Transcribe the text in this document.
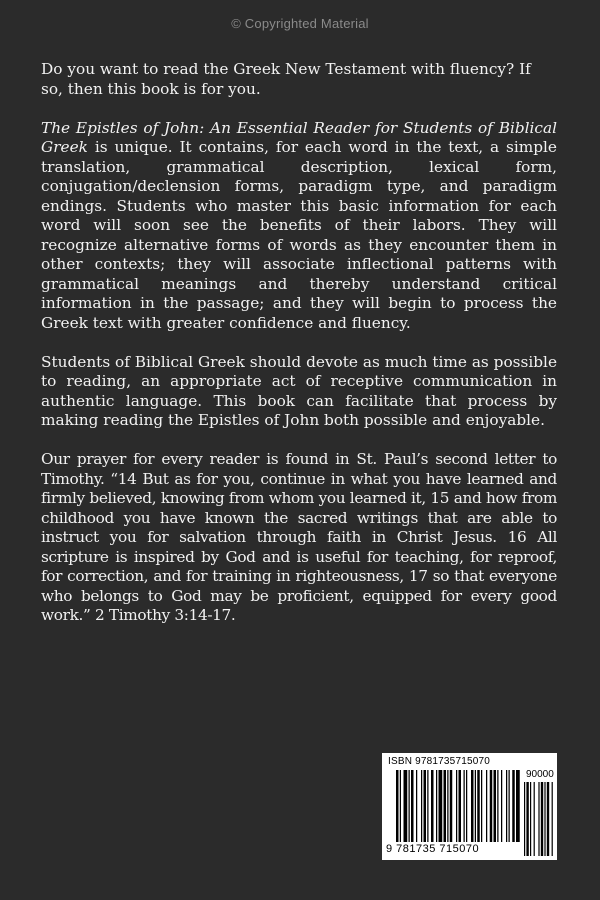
© Copyrighted Material

Do you want to read the Greek New Testament with fluency? If so, then this book is for you.

The Epistles of John: An Essential Reader for Students of Biblical Greek is unique. It contains, for each word in the text, a simple translation, grammatical description, lexical form, conjugation/declension forms, paradigm type, and paradigm endings. Students who master this basic information for each word will soon see the benefits of their labors. They will recognize alternative forms of words as they encounter them in other contexts; they will associate inflectional patterns with grammatical meanings and thereby understand critical information in the passage; and they will begin to process the Greek text with greater confidence and fluency.

Students of Biblical Greek should devote as much time as possible to reading, an appropriate act of receptive communication in authentic language. This book can facilitate that process by making reading the Epistles of John both possible and enjoyable.

Our prayer for every reader is found in St. Paul’s second letter to Timothy. “14 But as for you, continue in what you have learned and firmly believed, knowing from whom you learned it, 15 and how from childhood you have known the sacred writings that are able to instruct you for salvation through faith in Christ Jesus. 16 All scripture is inspired by God and is useful for teaching, for reproof, for correction, and for training in righteousness, 17 so that everyone who belongs to God may be proficient, equipped for every good work.” 2 Timothy 3:14-17.

ISBN 9781735715070
90000
9 781735 715070
